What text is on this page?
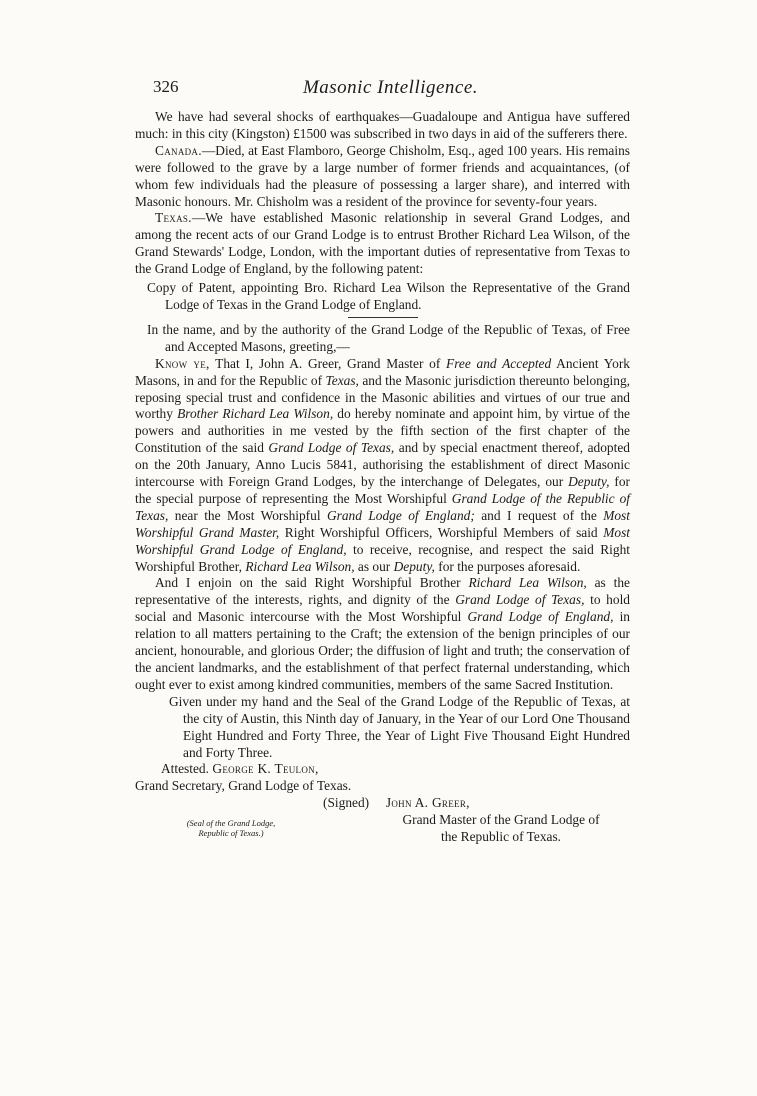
326	Masonic Intelligence.

We have had several shocks of earthquakes—Guadaloupe and Antigua have suffered much: in this city (Kingston) £1500 was subscribed in two days in aid of the sufferers there.

Canada.—Died, at East Flamboro, George Chisholm, Esq., aged 100 years. His remains were followed to the grave by a large number of former friends and acquaintances, (of whom few individuals had the pleasure of possessing a larger share), and interred with Masonic honours. Mr. Chisholm was a resident of the province for seventy-four years.

Texas.—We have established Masonic relationship in several Grand Lodges, and among the recent acts of our Grand Lodge is to entrust Brother Richard Lea Wilson, of the Grand Stewards' Lodge, London, with the important duties of representative from Texas to the Grand Lodge of England, by the following patent:

Copy of Patent, appointing Bro. Richard Lea Wilson the Representative of the Grand Lodge of Texas in the Grand Lodge of England.

In the name, and by the authority of the Grand Lodge of the Republic of Texas, of Free and Accepted Masons, greeting,—

Know ye, That I, John A. Greer, Grand Master of Free and Accepted Ancient York Masons, in and for the Republic of Texas, and the Masonic jurisdiction thereunto belonging, reposing special trust and confidence in the Masonic abilities and virtues of our true and worthy Brother Richard Lea Wilson, do hereby nominate and appoint him, by virtue of the powers and authorities in me vested by the fifth section of the first chapter of the Constitution of the said Grand Lodge of Texas, and by special enactment thereof, adopted on the 20th January, Anno Lucis 5841, authorising the establishment of direct Masonic intercourse with Foreign Grand Lodges, by the interchange of Delegates, our Deputy, for the special purpose of representing the Most Worshipful Grand Lodge of the Republic of Texas, near the Most Worshipful Grand Lodge of England; and I request of the Most Worshipful Grand Master, Right Worshipful Officers, Worshipful Members of said Most Worshipful Grand Lodge of England, to receive, recognise, and respect the said Right Worshipful Brother, Richard Lea Wilson, as our Deputy, for the purposes aforesaid.

And I enjoin on the said Right Worshipful Brother Richard Lea Wilson, as the representative of the interests, rights, and dignity of the Grand Lodge of Texas, to hold social and Masonic intercourse with the Most Worshipful Grand Lodge of England, in relation to all matters pertaining to the Craft; the extension of the benign principles of our ancient, honourable, and glorious Order; the diffusion of light and truth; the conservation of the ancient landmarks, and the establishment of that perfect fraternal understanding, which ought ever to exist among kindred communities, members of the same Sacred Institution.

Given under my hand and the Seal of the Grand Lodge of the Republic of Texas, at the city of Austin, this Ninth day of January, in the Year of our Lord One Thousand Eight Hundred and Forty Three, the Year of Light Five Thousand Eight Hundred and Forty Three.

Attested. George K. Teulon,

Grand Secretary, Grand Lodge of Texas.

(Signed) John A. Greer,

(Seal of the Grand Lodge,
Republic of Texas.)
Grand Master of the Grand Lodge of
the Republic of Texas.
